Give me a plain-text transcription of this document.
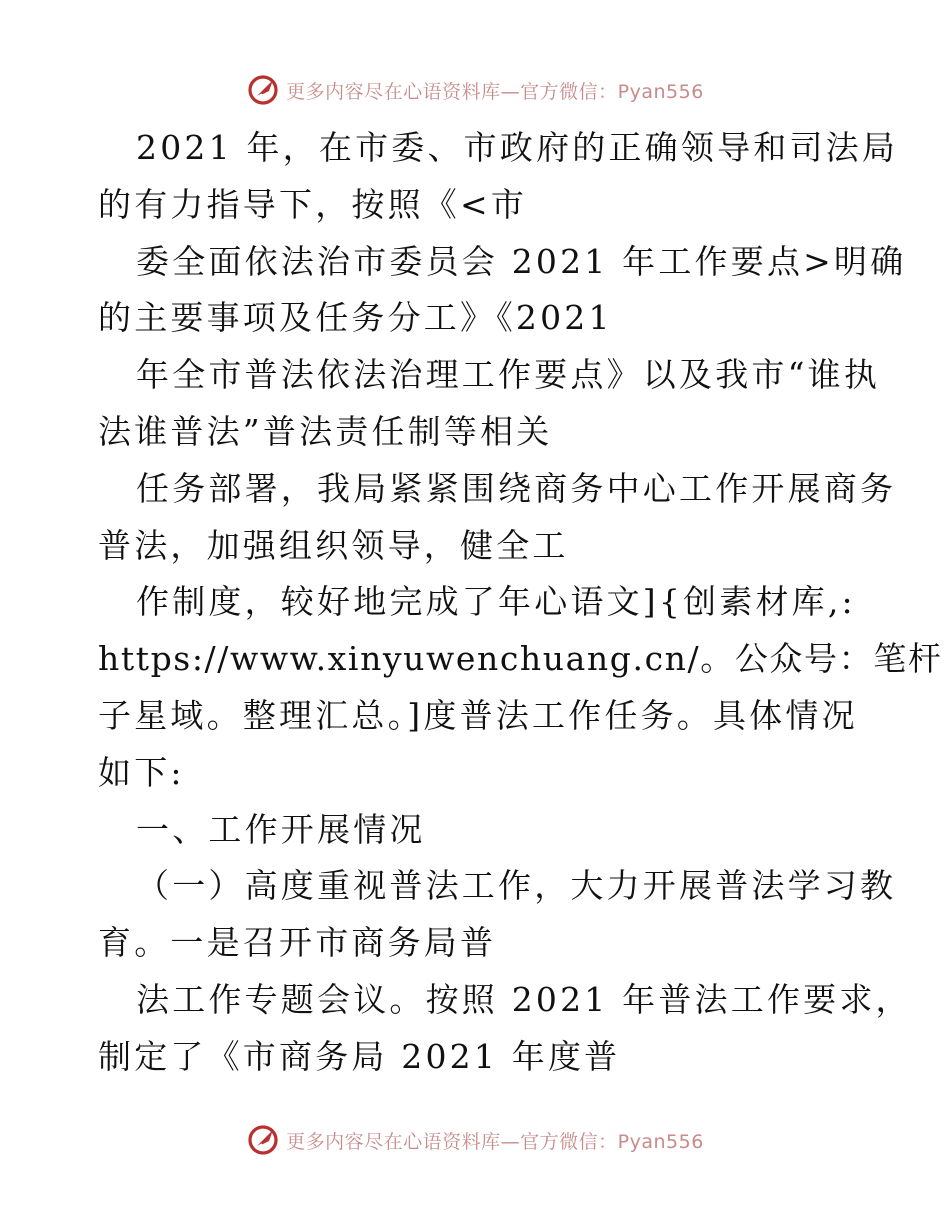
更多内容尽在心语资料库—官方微信：Pyan556
2021 年，在市委、市政府的正确领导和司法局
的有力指导下，按照《<市
委全面依法治市委员会 2021 年工作要点>明确
的主要事项及任务分工》《2021
年全市普法依法治理工作要点》以及我市“谁执
法谁普法”普法责任制等相关
任务部署，我局紧紧围绕商务中心工作开展商务
普法，加强组织领导，健全工
作制度，较好地完成了年心语文]{创素材库,:
https://www.xinyuwenchuang.cn/。公众号：笔杆
子星域。整理汇总。]度普法工作任务。具体情况
如下:
一、工作开展情况
（一）高度重视普法工作，大力开展普法学习教
育。一是召开市商务局普
法工作专题会议。按照 2021 年普法工作要求，
制定了《市商务局 2021 年度普
更多内容尽在心语资料库—官方微信：Pyan556
